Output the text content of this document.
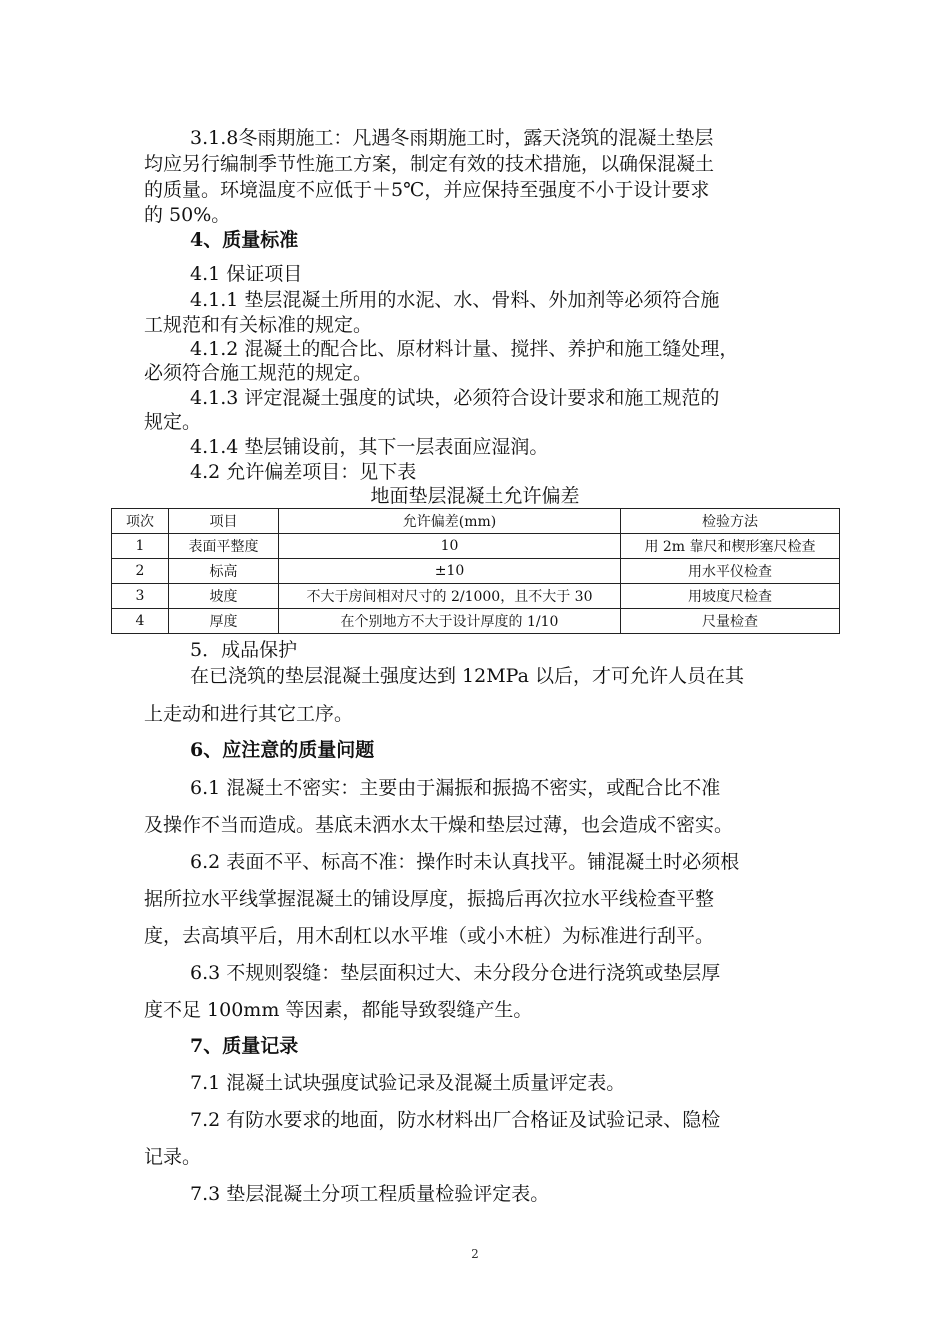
3.1.8冬雨期施工：凡遇冬雨期施工时，露天浇筑的混凝土垫层
均应另行编制季节性施工方案，制定有效的技术措施，以确保混凝土
的质量。环境温度不应低于＋5℃，并应保持至强度不小于设计要求
的 50%。
4、质量标准
4.1 保证项目
4.1.1 垫层混凝土所用的水泥、水、骨料、外加剂等必须符合施
工规范和有关标准的规定。
4.1.2 混凝土的配合比、原材料计量、搅拌、养护和施工缝处理，
必须符合施工规范的规定。
4.1.3 评定混凝土强度的试块，必须符合设计要求和施工规范的
规定。
4.1.4 垫层铺设前，其下一层表面应湿润。
4.2 允许偏差项目：见下表
地面垫层混凝土允许偏差
项次	项目	允许偏差(mm)	检验方法
1	表面平整度	10	用 2m 靠尺和楔形塞尺检查
2	标高	±10	用水平仪检查
3	坡度	不大于房间相对尺寸的 2/1000，且不大于 30	用坡度尺检查
4	厚度	在个别地方不大于设计厚度的 1/10	尺量检查
5．成品保护
在已浇筑的垫层混凝土强度达到 12MPa 以后，才可允许人员在其
上走动和进行其它工序。
6、应注意的质量问题
6.1 混凝土不密实：主要由于漏振和振捣不密实，或配合比不准
及操作不当而造成。基底未洒水太干燥和垫层过薄，也会造成不密实。
6.2 表面不平、标高不准：操作时未认真找平。铺混凝土时必须根
据所拉水平线掌握混凝土的铺设厚度，振捣后再次拉水平线检查平整
度，去高填平后，用木刮杠以水平堆（或小木桩）为标准进行刮平。
6.3 不规则裂缝：垫层面积过大、未分段分仓进行浇筑或垫层厚
度不足 100mm 等因素，都能导致裂缝产生。
7、质量记录
7.1 混凝土试块强度试验记录及混凝土质量评定表。
7.2 有防水要求的地面，防水材料出厂合格证及试验记录、隐检
记录。
7.3 垫层混凝土分项工程质量检验评定表。
2
